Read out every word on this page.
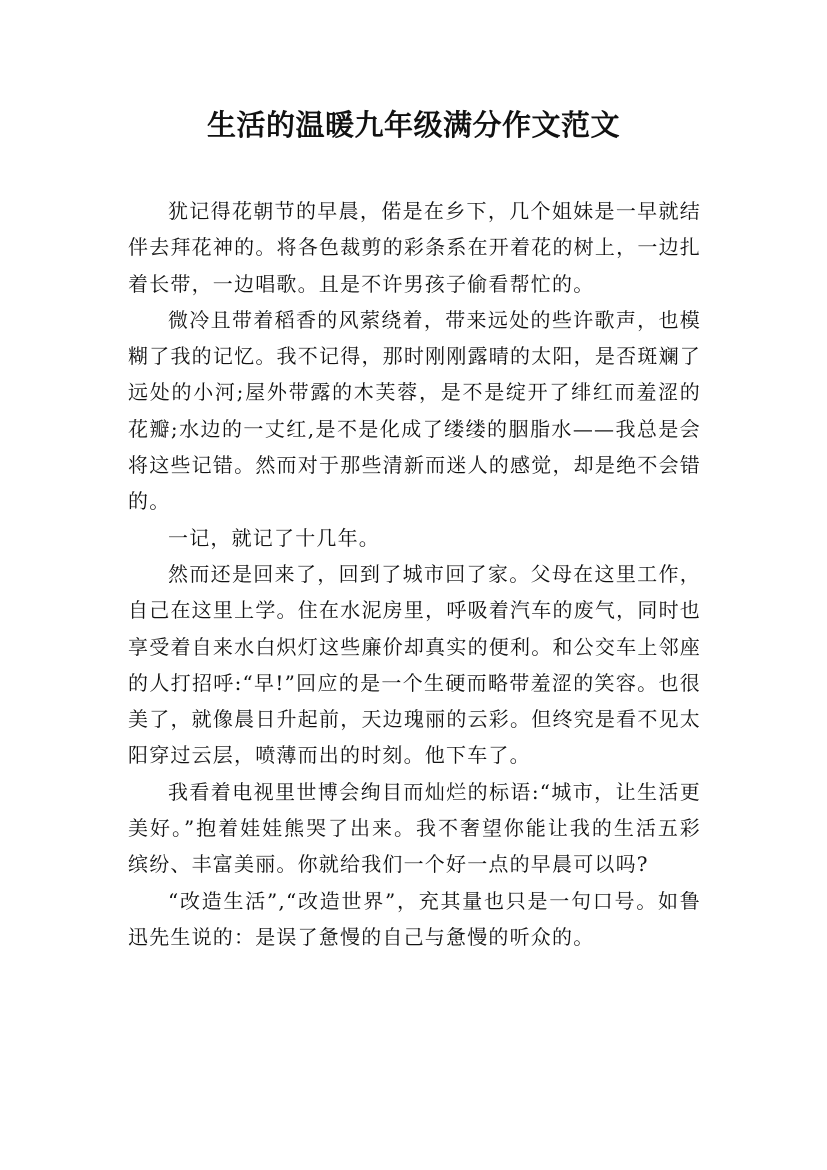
生活的温暖九年级满分作文范文

犹记得花朝节的早晨，偌是在乡下，几个姐妹是一早就结伴去拜花神的。将各色裁剪的彩条系在开着花的树上，一边扎着长带，一边唱歌。且是不许男孩子偷看帮忙的。

微冷且带着稻香的风萦绕着，带来远处的些许歌声，也模糊了我的记忆。我不记得，那时刚刚露晴的太阳，是否斑斓了远处的小河;屋外带露的木芙蓉，是不是绽开了绯红而羞涩的花瓣;水边的一丈红,是不是化成了缕缕的胭脂水——我总是会将这些记错。然而对于那些清新而迷人的感觉，却是绝不会错的。

一记，就记了十几年。

然而还是回来了，回到了城市回了家。父母在这里工作，自己在这里上学。住在水泥房里，呼吸着汽车的废气，同时也享受着自来水白炽灯这些廉价却真实的便利。和公交车上邻座的人打招呼:“早!”回应的是一个生硬而略带羞涩的笑容。也很美了，就像晨日升起前，天边瑰丽的云彩。但终究是看不见太阳穿过云层，喷薄而出的时刻。他下车了。

我看着电视里世博会绚目而灿烂的标语:“城市，让生活更美好。”抱着娃娃熊哭了出来。我不奢望你能让我的生活五彩缤纷、丰富美丽。你就给我们一个好一点的早晨可以吗?

“改造生活”,“改造世界”，充其量也只是一句口号。如鲁迅先生说的：是误了惫慢的自己与惫慢的听众的。
